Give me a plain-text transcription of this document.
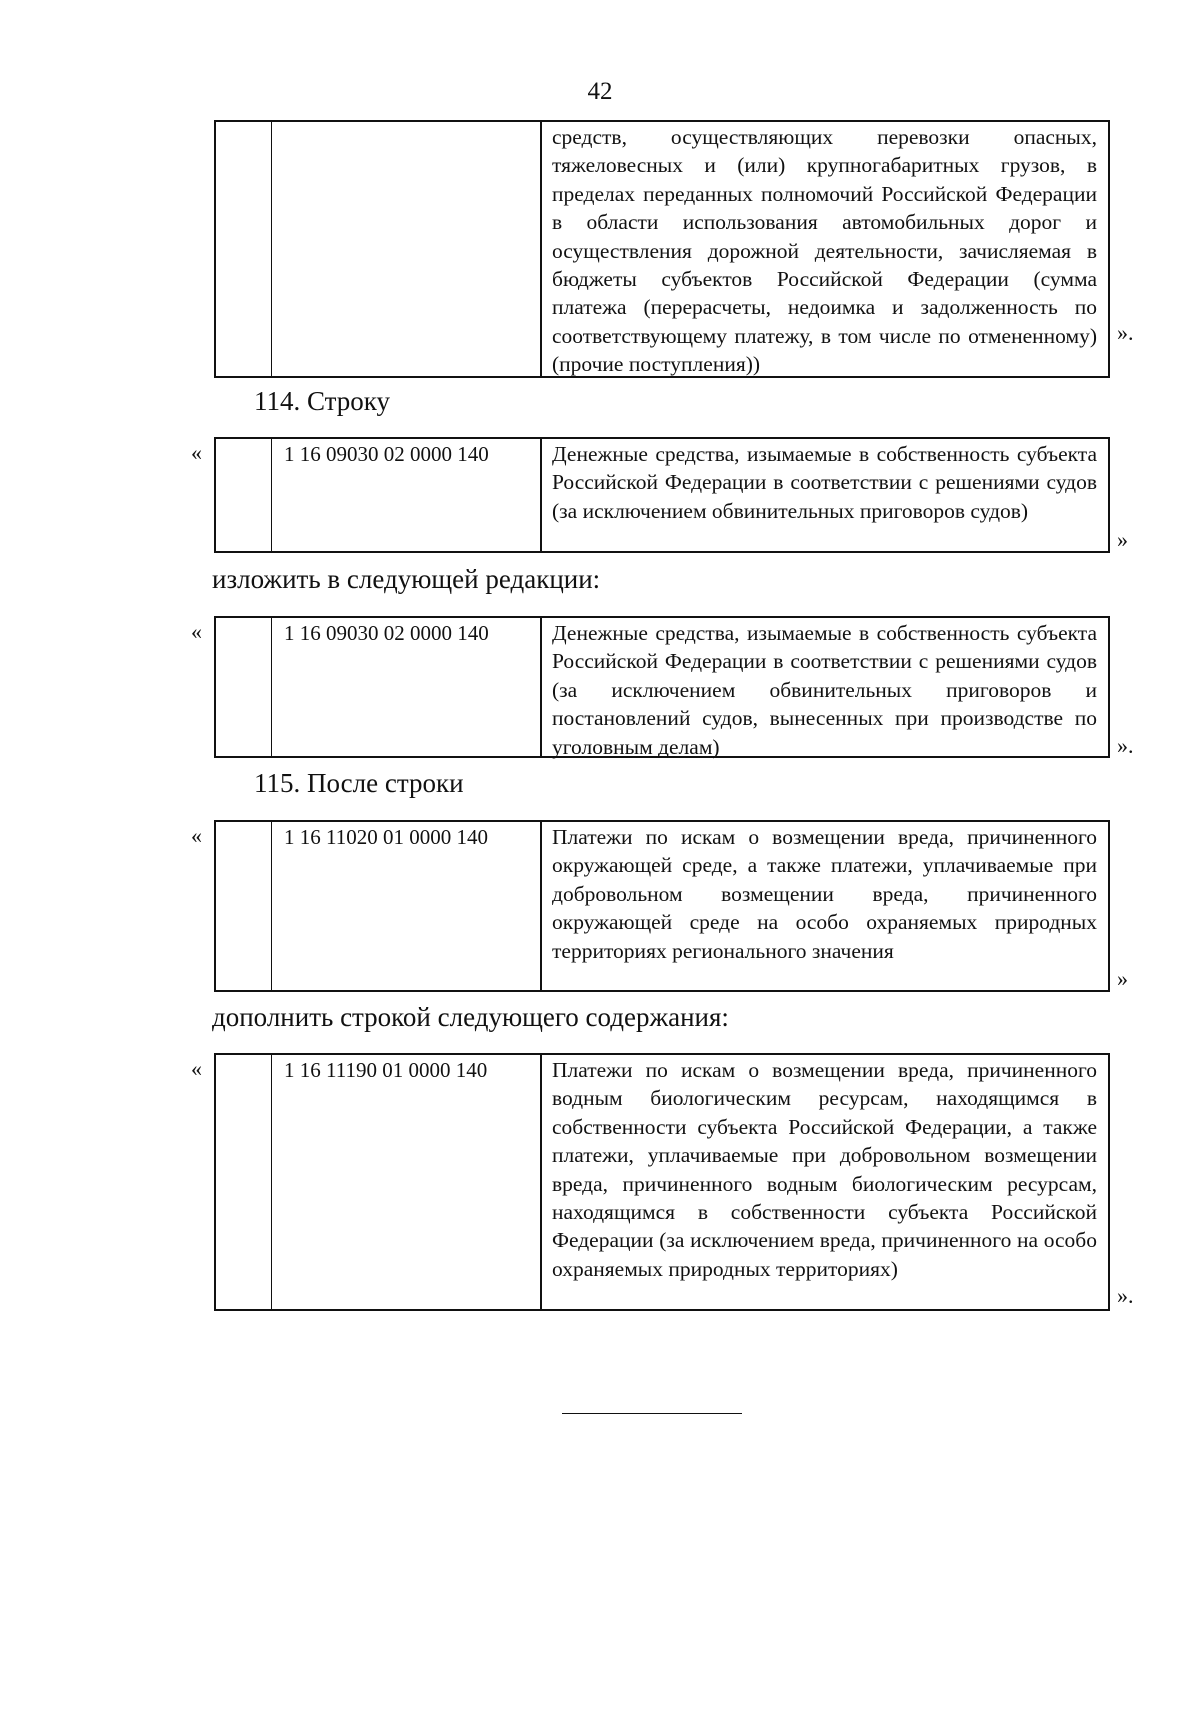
42
средств, осуществляющих перевозки опасных, тяжеловесных и (или) крупногабаритных грузов, в пределах переданных полномочий Российской Федерации в области использования автомобильных дорог и осуществления дорожной деятельности, зачисляемая в бюджеты субъектов Российской Федерации (сумма платежа (перерасчеты, недоимка и задолженность по соответствующему платежу, в том числе по отмененному) (прочие поступления))
».
114. Строку
«	1 16 09030 02 0000 140	Денежные средства, изымаемые в собственность субъекта Российской Федерации в соответствии с решениями судов (за исключением обвинительных приговоров судов)
»
изложить в следующей редакции:
«	1 16 09030 02 0000 140	Денежные средства, изымаемые в собственность субъекта Российской Федерации в соответствии с решениями судов (за исключением обвинительных приговоров и постановлений судов, вынесенных при производстве по уголовным делам)	».
115. После строки
«	1 16 11020 01 0000 140	Платежи по искам о возмещении вреда, причиненного окружающей среде, а также платежи, уплачиваемые при добровольном возмещении вреда, причиненного окружающей среде на особо охраняемых природных территориях регионального значения
»
дополнить строкой следующего содержания:
«	1 16 11190 01 0000 140	Платежи по искам о возмещении вреда, причиненного водным биологическим ресурсам, находящимся в собственности субъекта Российской Федерации, а также платежи, уплачиваемые при добровольном возмещении вреда, причиненного водным биологическим ресурсам, находящимся в собственности субъекта Российской Федерации (за исключением вреда, причиненного на особо охраняемых природных территориях)
».
